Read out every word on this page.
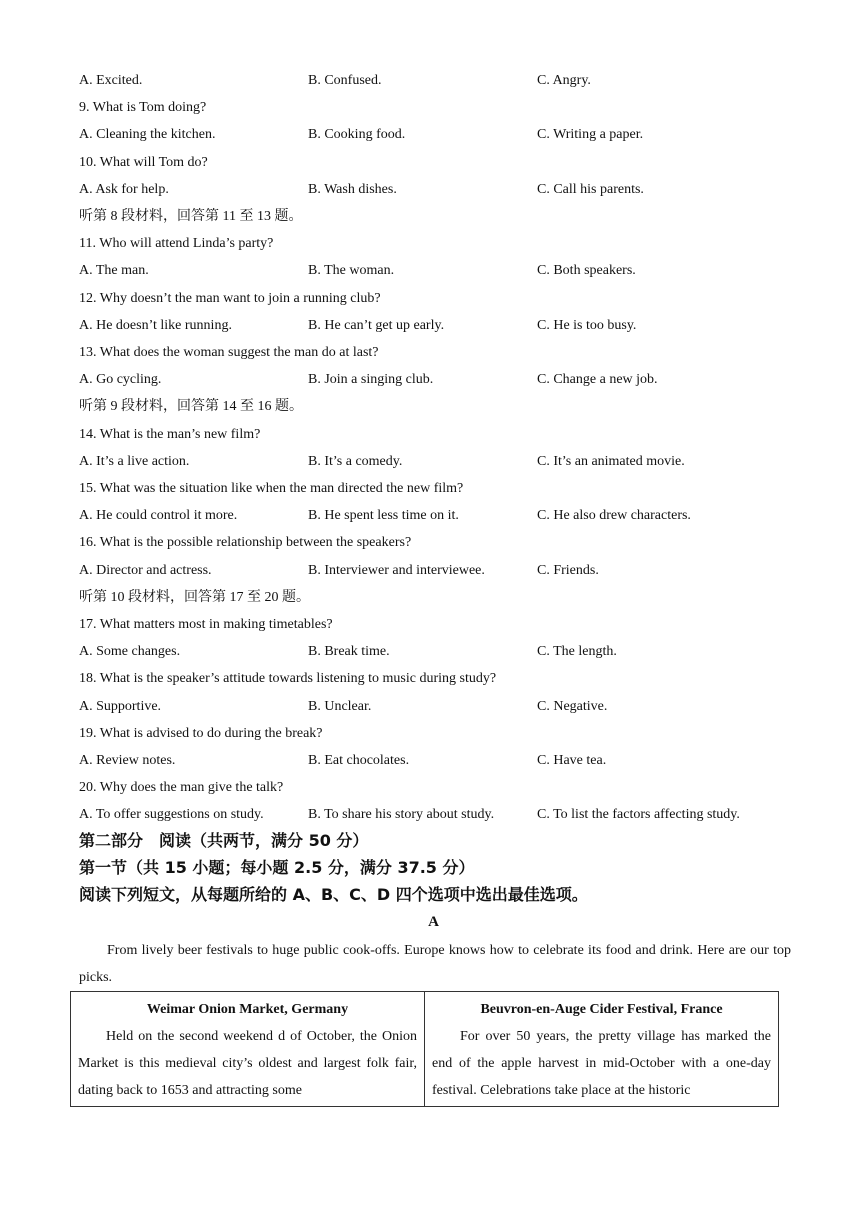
A. Excited.	B. Confused.	C. Angry.
9. What is Tom doing?
A. Cleaning the kitchen.	B. Cooking food.	C. Writing a paper.
10. What will Tom do?
A. Ask for help.	B. Wash dishes.	C. Call his parents.
听第 8 段材料，回答第 11 至 13 题。
11. Who will attend Linda’s party?
A. The man.	B. The woman.	C. Both speakers.
12. Why doesn’t the man want to join a running club?
A. He doesn’t like running.	B. He can’t get up early.	C. He is too busy.
13. What does the woman suggest the man do at last?
A. Go cycling.	B. Join a singing club.	C. Change a new job.
听第 9 段材料，回答第 14 至 16 题。
14. What is the man’s new film?
A. It’s a live action.	B. It’s a comedy.	C. It’s an animated movie.
15. What was the situation like when the man directed the new film?
A. He could control it more.	B. He spent less time on it.	C. He also drew characters.
16. What is the possible relationship between the speakers?
A. Director and actress.	B. Interviewer and interviewee.	C. Friends.
听第 10 段材料，回答第 17 至 20 题。
17. What matters most in making timetables?
A. Some changes.	B. Break time.	C. The length.
18. What is the speaker’s attitude towards listening to music during study?
A. Supportive.	B. Unclear.	C. Negative.
19. What is advised to do during the break?
A. Review notes.	B. Eat chocolates.	C. Have tea.
20. Why does the man give the talk?
A. To offer suggestions on study.	B. To share his story about study.	C. To list the factors affecting study.
第二部分　阅读（共两节，满分 50 分）
第一节（共 15 小题；每小题 2.5 分，满分 37.5 分）
阅读下列短文，从每题所给的 A、B、C、D 四个选项中选出最佳选项。
A
From lively beer festivals to huge public cook-offs. Europe knows how to celebrate its food and drink. Here are our top picks.
Weimar Onion Market, Germany
Held on the second weekend d of October, the Onion Market is this medieval city’s oldest and largest folk fair, dating back to 1653 and attracting some

Beuvron-en-Auge Cider Festival, France
For over 50 years, the pretty village has marked the end of the apple harvest in mid-October with a one-day festival. Celebrations take place at the historic
